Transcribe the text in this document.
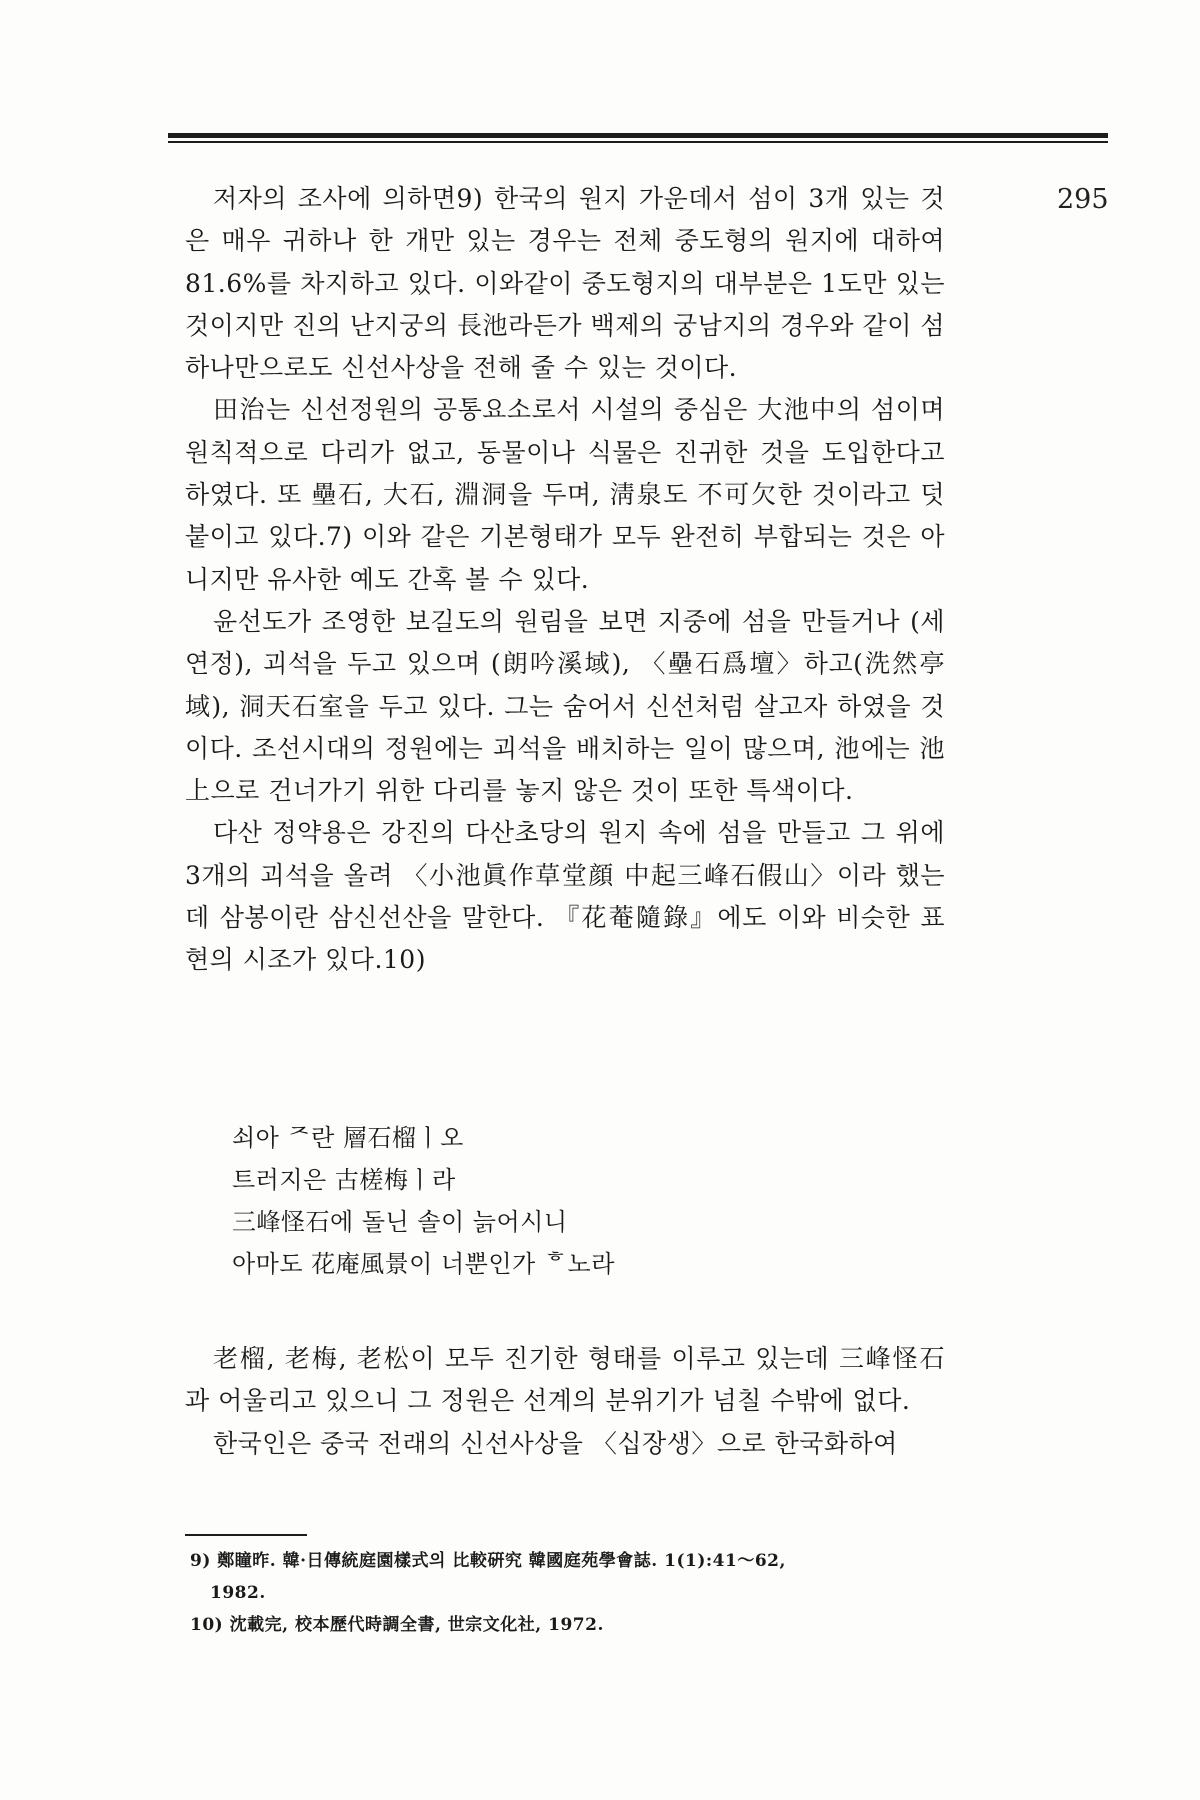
295

저자의 조사에 의하면9) 한국의 원지 가운데서 섬이 3개 있는 것은 매우 귀하나 한 개만 있는 경우는 전체 중도형의 원지에 대하여 81.6%를 차지하고 있다. 이와같이 중도형지의 대부분은 1도만 있는 것이지만 진의 난지궁의 長池라든가 백제의 궁남지의 경우와 같이 섬 하나만으로도 신선사상을 전해 줄 수 있는 것이다.

田治는 신선정원의 공통요소로서 시설의 중심은 大池中의 섬이며 원칙적으로 다리가 없고, 동물이나 식물은 진귀한 것을 도입한다고 하였다. 또 壘石, 大石, 淵洞을 두며, 淸泉도 不可欠한 것이라고 덧붙이고 있다.7) 이와 같은 기본형태가 모두 완전히 부합되는 것은 아니지만 유사한 예도 간혹 볼 수 있다.

윤선도가 조영한 보길도의 원림을 보면 지중에 섬을 만들거나 (세연정), 괴석을 두고 있으며 (朗吟溪域), 〈壘石爲壇〉하고(洗然亭域), 洞天石室을 두고 있다. 그는 숨어서 신선처럼 살고자 하였을 것이다. 조선시대의 정원에는 괴석을 배치하는 일이 많으며, 池에는 池上으로 건너가기 위한 다리를 놓지 않은 것이 또한 특색이다.

다산 정약용은 강진의 다산초당의 원지 속에 섬을 만들고 그 위에 3개의 괴석을 올려 〈小池眞作草堂顔 中起三峰石假山〉이라 했는데 삼봉이란 삼신선산을 말한다. 『花菴隨錄』에도 이와 비슷한 표현의 시조가 있다.10)

쇠아 ᄌ란 層石榴ㅣ오
트러지은 古槎梅ㅣ라
三峰怪石에 돌닌 솔이 늙어시니
아마도 花庵風景이 너뿐인가 ᄒ노라

老榴, 老梅, 老松이 모두 진기한 형태를 이루고 있는데 三峰怪石과 어울리고 있으니 그 정원은 선계의 분위기가 넘칠 수밖에 없다.

한국인은 중국 전래의 신선사상을 〈십장생〉으로 한국화하여

9) 鄭瞳昨. 韓·日傳統庭園樣式의 比較硏究 韓國庭苑學會誌. 1(1):41～62,
1982.
10) 沈載完, 校本歷代時調全書, 世宗文化社, 1972.
